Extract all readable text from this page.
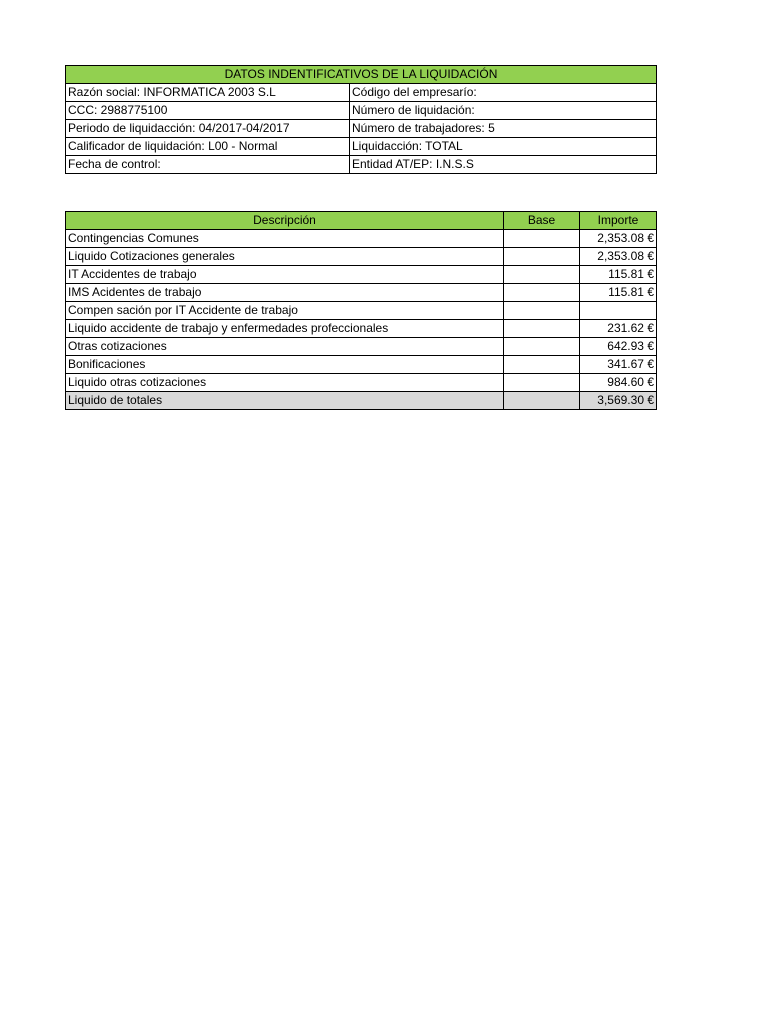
DATOS INDENTIFICATIVOS DE LA LIQUIDACIÓN	
Razón social: INFORMATICA 2003 S.L	Código del empresarío:
CCC: 2988775100	Número de liquidación:
Periodo de liquidacción: 04/2017-04/2017	Número de trabajadores: 5
Calificador de liquidación: L00 - Normal	Liquidacción: TOTAL
Fecha de control:	Entidad AT/EP: I.N.S.S
Descripción	Base	Importe
Contingencias Comunes		2,353.08 €
Liquido Cotizaciones generales		2,353.08 €
IT Accidentes de trabajo		115.81 €
IMS Acidentes de trabajo		115.81 €
Compen sación por IT Accidente de trabajo		
Liquido accidente de trabajo y enfermedades profeccionales		231.62 €
Otras cotizaciones		642.93 €
Bonificaciones		341.67 €
Liquido otras cotizaciones		984.60 €
Liquido de totales		3,569.30 €
